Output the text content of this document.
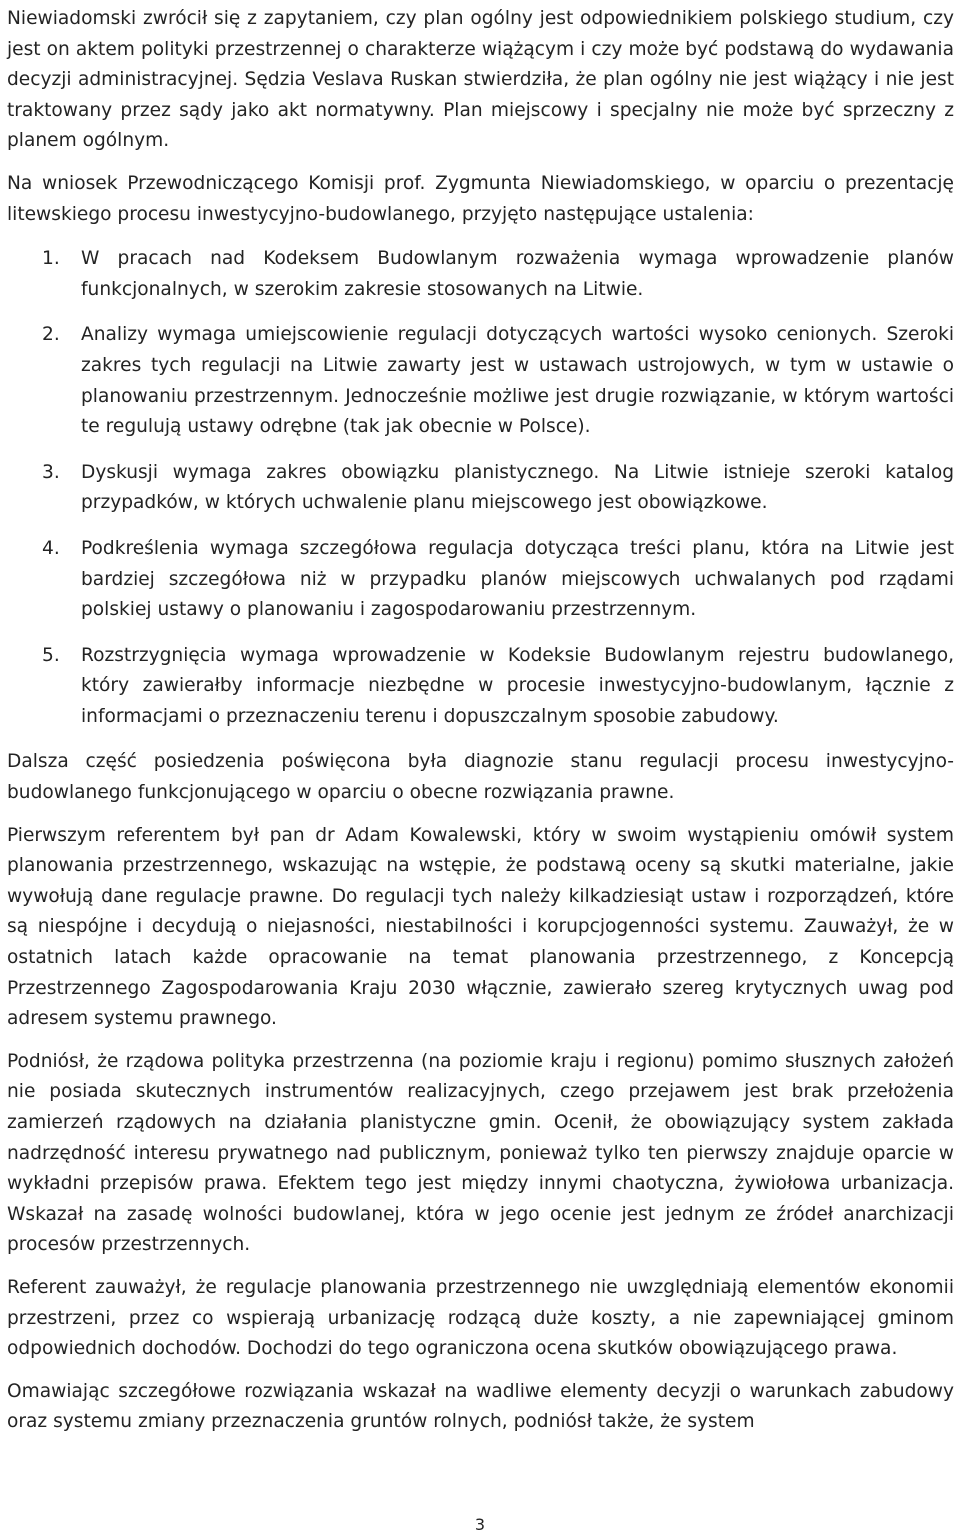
Niewiadomski zwrócił się z zapytaniem, czy plan ogólny jest odpowiednikiem polskiego studium, czy jest on aktem polityki przestrzennej o charakterze wiążącym i czy może być podstawą do wydawania decyzji administracyjnej. Sędzia Veslava Ruskan stwierdziła, że plan ogólny nie jest wiążący i nie jest traktowany przez sądy jako akt normatywny. Plan miejscowy i specjalny nie może być sprzeczny z planem ogólnym.

Na wniosek Przewodniczącego Komisji prof. Zygmunta Niewiadomskiego, w oparciu o prezentację litewskiego procesu inwestycyjno-budowlanego, przyjęto następujące ustalenia:

1. W pracach nad Kodeksem Budowlanym rozważenia wymaga wprowadzenie planów funkcjonalnych, w szerokim zakresie stosowanych na Litwie.
2. Analizy wymaga umiejscowienie regulacji dotyczących wartości wysoko cenionych. Szeroki zakres tych regulacji na Litwie zawarty jest w ustawach ustrojowych, w tym w ustawie o planowaniu przestrzennym. Jednocześnie możliwe jest drugie rozwiązanie, w którym wartości te regulują ustawy odrębne (tak jak obecnie w Polsce).
3. Dyskusji wymaga zakres obowiązku planistycznego. Na Litwie istnieje szeroki katalog przypadków, w których uchwalenie planu miejscowego jest obowiązkowe.
4. Podkreślenia wymaga szczegółowa regulacja dotycząca treści planu, która na Litwie jest bardziej szczegółowa niż w przypadku planów miejscowych uchwalanych pod rządami polskiej ustawy o planowaniu i zagospodarowaniu przestrzennym.
5. Rozstrzygnięcia wymaga wprowadzenie w Kodeksie Budowlanym rejestru budowlanego, który zawierałby informacje niezbędne w procesie inwestycyjno-budowlanym, łącznie z informacjami o przeznaczeniu terenu i dopuszczalnym sposobie zabudowy.

Dalsza część posiedzenia poświęcona była diagnozie stanu regulacji procesu inwestycyjno-budowlanego funkcjonującego w oparciu o obecne rozwiązania prawne.

Pierwszym referentem był pan dr Adam Kowalewski, który w swoim wystąpieniu omówił system planowania przestrzennego, wskazując na wstępie, że podstawą oceny są skutki materialne, jakie wywołują dane regulacje prawne. Do regulacji tych należy kilkadziesiąt ustaw i rozporządzeń, które są niespójne i decydują o niejasności, niestabilności i korupcjogenności systemu. Zauważył, że w ostatnich latach każde opracowanie na temat planowania przestrzennego, z Koncepcją Przestrzennego Zagospodarowania Kraju 2030 włącznie, zawierało szereg krytycznych uwag pod adresem systemu prawnego.

Podniósł, że rządowa polityka przestrzenna (na poziomie kraju i regionu) pomimo słusznych założeń nie posiada skutecznych instrumentów realizacyjnych, czego przejawem jest brak przełożenia zamierzeń rządowych na działania planistyczne gmin. Ocenił, że obowiązujący system zakłada nadrzędność interesu prywatnego nad publicznym, ponieważ tylko ten pierwszy znajduje oparcie w wykładni przepisów prawa. Efektem tego jest między innymi chaotyczna, żywiołowa urbanizacja. Wskazał na zasadę wolności budowlanej, która w jego ocenie jest jednym ze źródeł anarchizacji procesów przestrzennych.

Referent zauważył, że regulacje planowania przestrzennego nie uwzględniają elementów ekonomii przestrzeni, przez co wspierają urbanizację rodzącą duże koszty, a nie zapewniającej gminom odpowiednich dochodów. Dochodzi do tego ograniczona ocena skutków obowiązującego prawa.

Omawiając szczegółowe rozwiązania wskazał na wadliwe elementy decyzji o warunkach zabudowy oraz systemu zmiany przeznaczenia gruntów rolnych, podniósł także, że system

3
